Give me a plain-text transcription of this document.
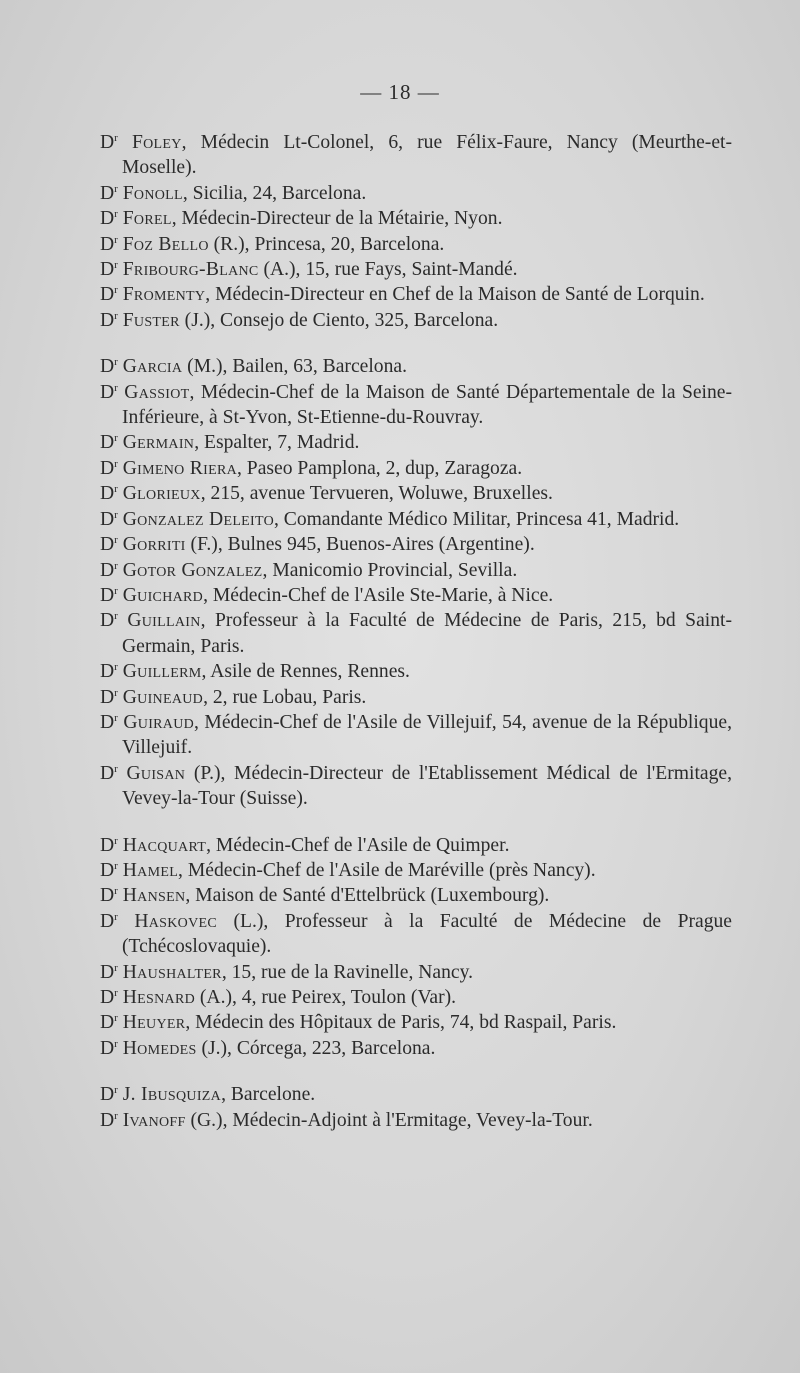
— 18 —

$D^r$ Foley, Médecin Lt-Colonel, 6, rue Félix-Faure, Nancy (Meurthe-et-Moselle).

$D^r$ Fonoll, Sicilia, 24, Barcelona.

$D^r$ Forel, Médecin-Directeur de la Métairie, Nyon.

$D^r$ Foz Bello (R.), Princesa, 20, Barcelona.

$D^r$ Fribourg-Blanc (A.), 15, rue Fays, Saint-Mandé.

$D^r$ Fromenty, Médecin-Directeur en Chef de la Maison de Santé de Lorquin.

$D^r$ Fuster (J.), Consejo de Ciento, 325, Barcelona.

$D^r$ Garcia (M.), Bailen, 63, Barcelona.

$D^r$ Gassiot, Médecin-Chef de la Maison de Santé Départementale de la Seine-Inférieure, à St-Yvon, St-Etienne-du-Rouvray.

$D^r$ Germain, Espalter, 7, Madrid.

$D^r$ Gimeno Riera, Paseo Pamplona, 2, dup, Zaragoza.

$D^r$ Glorieux, 215, avenue Tervueren, Woluwe, Bruxelles.

$D^r$ Gonzalez Deleito, Comandante Médico Militar, Princesa 41, Madrid.

$D^r$ Gorriti (F.), Bulnes 945, Buenos-Aires (Argentine).

$D^r$ Gotor Gonzalez, Manicomio Provincial, Sevilla.

$D^r$ Guichard, Médecin-Chef de l'Asile Ste-Marie, à Nice.

$D^r$ Guillain, Professeur à la Faculté de Médecine de Paris, 215, bd Saint-Germain, Paris.

$D^r$ Guillerm, Asile de Rennes, Rennes.

$D^r$ Guineaud, 2, rue Lobau, Paris.

$D^r$ Guiraud, Médecin-Chef de l'Asile de Villejuif, 54, avenue de la République, Villejuif.

$D^r$ Guisan (P.), Médecin-Directeur de l'Etablissement Médical de l'Ermitage, Vevey-la-Tour (Suisse).

$D^r$ Hacquart, Médecin-Chef de l'Asile de Quimper.

$D^r$ Hamel, Médecin-Chef de l'Asile de Maréville (près Nancy).

$D^r$ Hansen, Maison de Santé d'Ettelbrück (Luxembourg).

$D^r$ Haskovec (L.), Professeur à la Faculté de Médecine de Prague (Tchécoslovaquie).

$D^r$ Haushalter, 15, rue de la Ravinelle, Nancy.

$D^r$ Hesnard (A.), 4, rue Peirex, Toulon (Var).

$D^r$ Heuyer, Médecin des Hôpitaux de Paris, 74, bd Raspail, Paris.

$D^r$ Homedes (J.), Córcega, 223, Barcelona.

$D^r$ J. Ibusquiza, Barcelone.

$D^r$ Ivanoff (G.), Médecin-Adjoint à l'Ermitage, Vevey-la-Tour.
